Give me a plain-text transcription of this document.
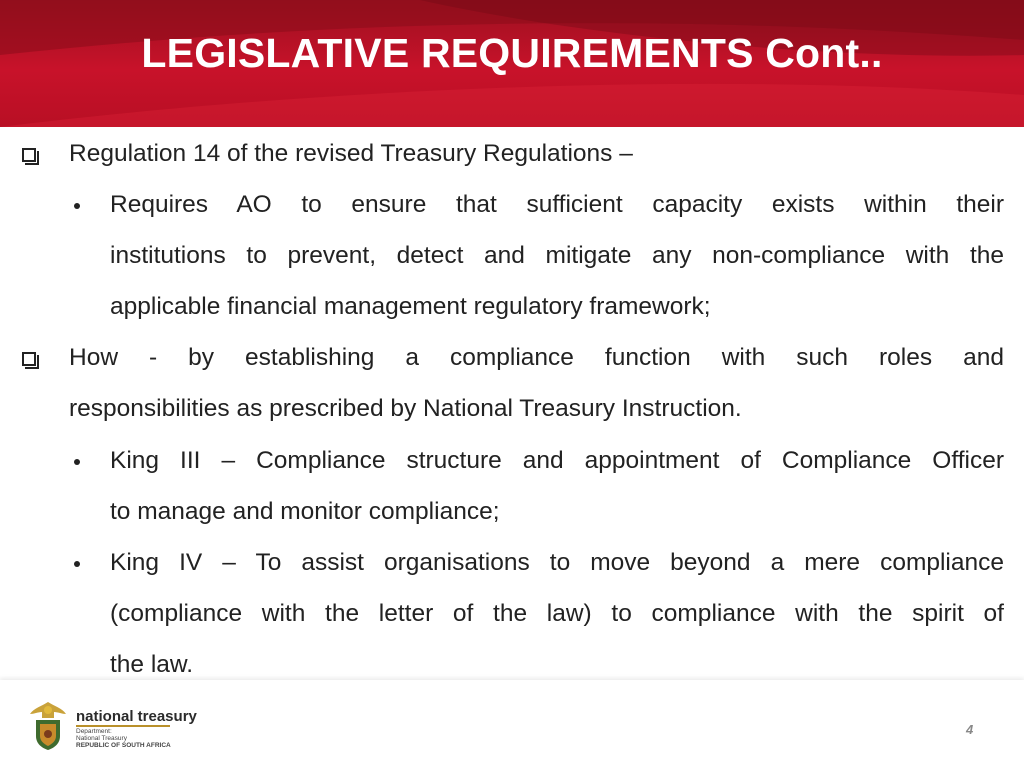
LEGISLATIVE REQUIREMENTS Cont..
Regulation 14 of the revised Treasury Regulations –
Requires AO to ensure that sufficient capacity exists within their
institutions to prevent, detect and mitigate any non-compliance with the
applicable financial management regulatory framework;
How - by establishing a compliance function with such roles and
responsibilities as prescribed by National Treasury Instruction.
King III – Compliance structure and appointment of Compliance Officer
to manage and monitor compliance;
King IV – To assist organisations to move beyond a mere compliance
(compliance with the letter of the law) to compliance with the spirit of
the law.
national treasury
Department:
National Treasury
REPUBLIC OF SOUTH AFRICA
4
